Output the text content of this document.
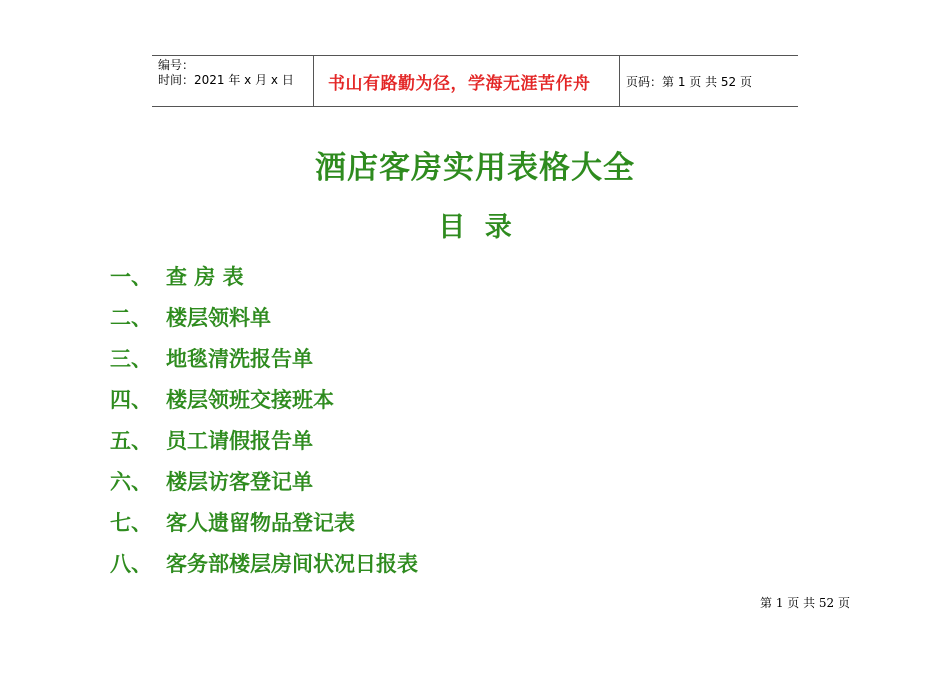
编号：
时间：2021 年 x 月 x 日	书山有路勤为径，学海无涯苦作舟	页码：第 1 页 共 52 页
酒店客房实用表格大全
目 录
一、 查 房 表
二、 楼层领料单
三、 地毯清洗报告单
四、 楼层领班交接班本
五、 员工请假报告单
六、 楼层访客登记单
七、 客人遗留物品登记表
八、 客务部楼层房间状况日报表
第 1 页 共 52 页
